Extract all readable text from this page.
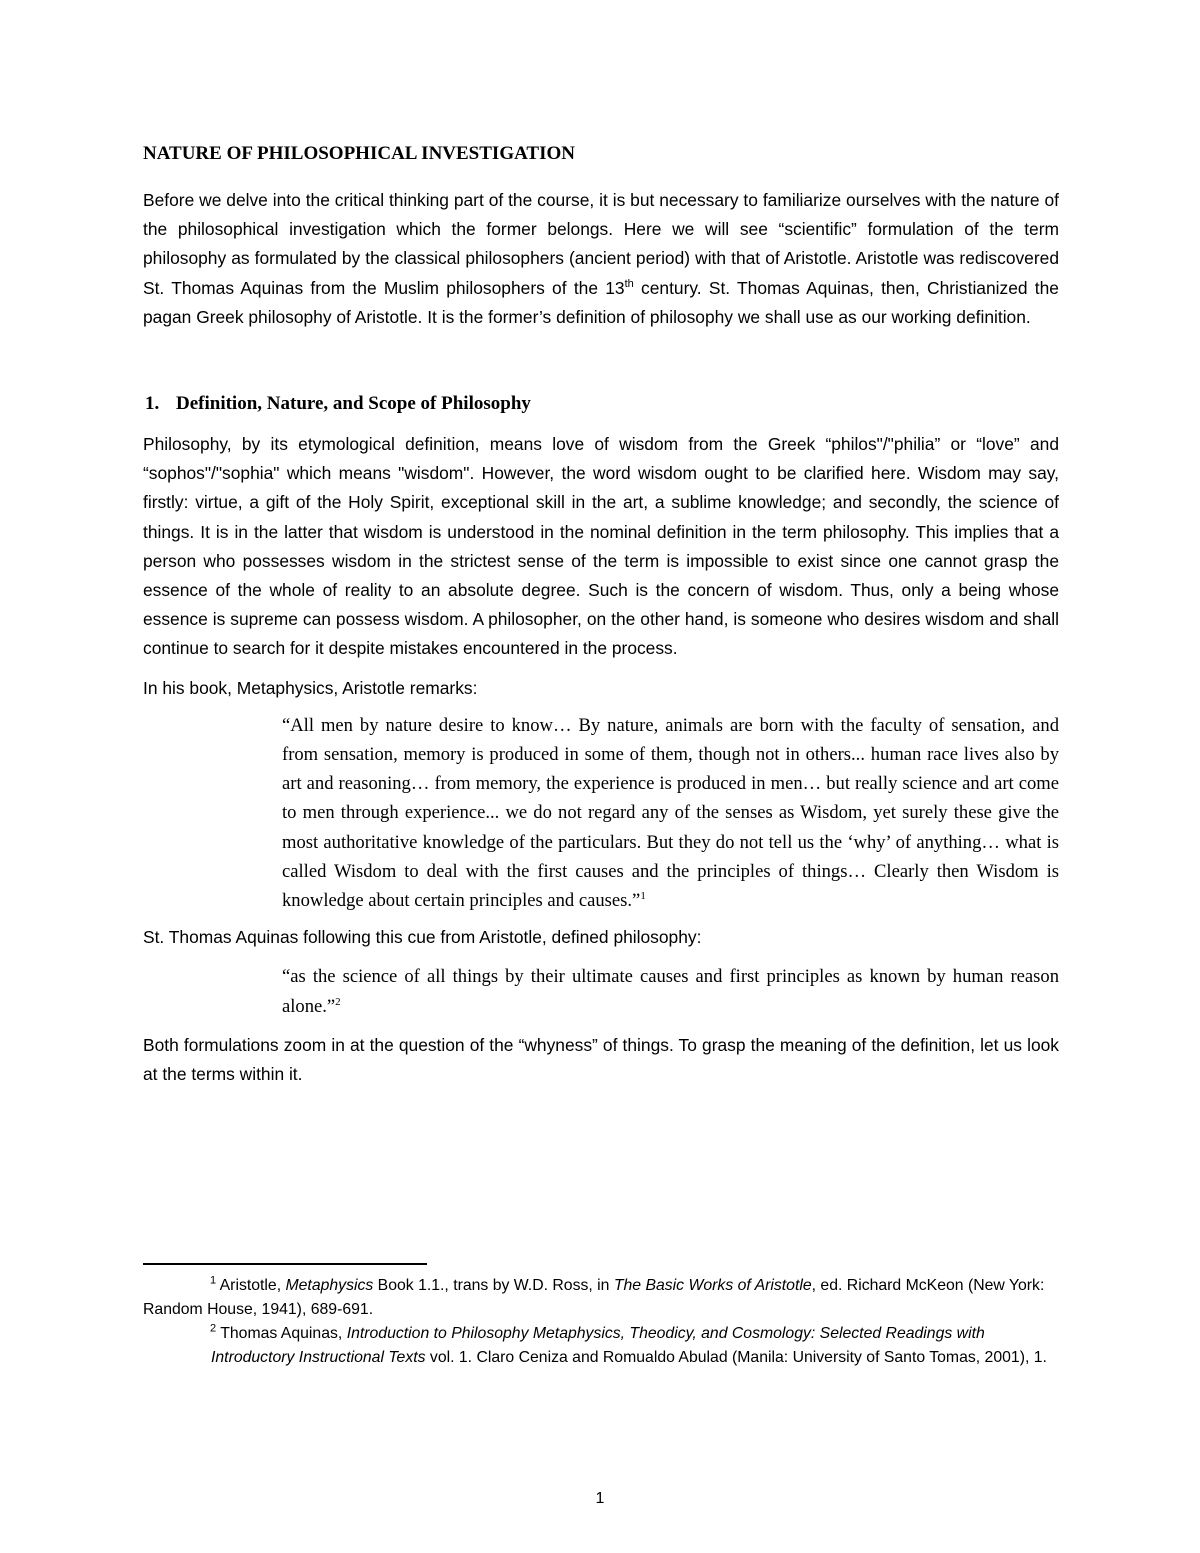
NATURE OF PHILOSOPHICAL INVESTIGATION

Before we delve into the critical thinking part of the course, it is but necessary to familiarize ourselves with the nature of the philosophical investigation which the former belongs. Here we will see “scientific” formulation of the term philosophy as formulated by the classical philosophers (ancient period) with that of Aristotle. Aristotle was rediscovered St. Thomas Aquinas from the Muslim philosophers of the 13th century. St. Thomas Aquinas, then, Christianized the pagan Greek philosophy of Aristotle. It is the former’s definition of philosophy we shall use as our working definition.

1. Definition, Nature, and Scope of Philosophy

Philosophy, by its etymological definition, means love of wisdom from the Greek “philos"/"philia” or “love” and “sophos"/"sophia" which means "wisdom". However, the word wisdom ought to be clarified here. Wisdom may say, firstly: virtue, a gift of the Holy Spirit, exceptional skill in the art, a sublime knowledge; and secondly, the science of things. It is in the latter that wisdom is understood in the nominal definition in the term philosophy. This implies that a person who possesses wisdom in the strictest sense of the term is impossible to exist since one cannot grasp the essence of the whole of reality to an absolute degree. Such is the concern of wisdom. Thus, only a being whose essence is supreme can possess wisdom. A philosopher, on the other hand, is someone who desires wisdom and shall continue to search for it despite mistakes encountered in the process.

In his book, Metaphysics, Aristotle remarks:

“All men by nature desire to know… By nature, animals are born with the faculty of sensation, and from sensation, memory is produced in some of them, though not in others... human race lives also by art and reasoning… from memory, the experience is produced in men… but really science and art come to men through experience... we do not regard any of the senses as Wisdom, yet surely these give the most authoritative knowledge of the particulars. But they do not tell us the ‘why’ of anything… what is called Wisdom to deal with the first causes and the principles of things… Clearly then Wisdom is knowledge about certain principles and causes.”$^1$

St. Thomas Aquinas following this cue from Aristotle, defined philosophy:

“as the science of all things by their ultimate causes and first principles as known by human reason alone.”$^2$

Both formulations zoom in at the question of the “whyness” of things. To grasp the meaning of the definition, let us look at the terms within it.

$^1$ Aristotle, Metaphysics Book 1.1., trans by W.D. Ross, in The Basic Works of Aristotle, ed. Richard McKeon (New York: Random House, 1941), 689-691.

$^2$ Thomas Aquinas, Introduction to Philosophy Metaphysics, Theodicy, and Cosmology: Selected Readings with

Introductory Instructional Texts vol. 1. Claro Ceniza and Romualdo Abulad (Manila: University of Santo Tomas, 2001), 1.

1
